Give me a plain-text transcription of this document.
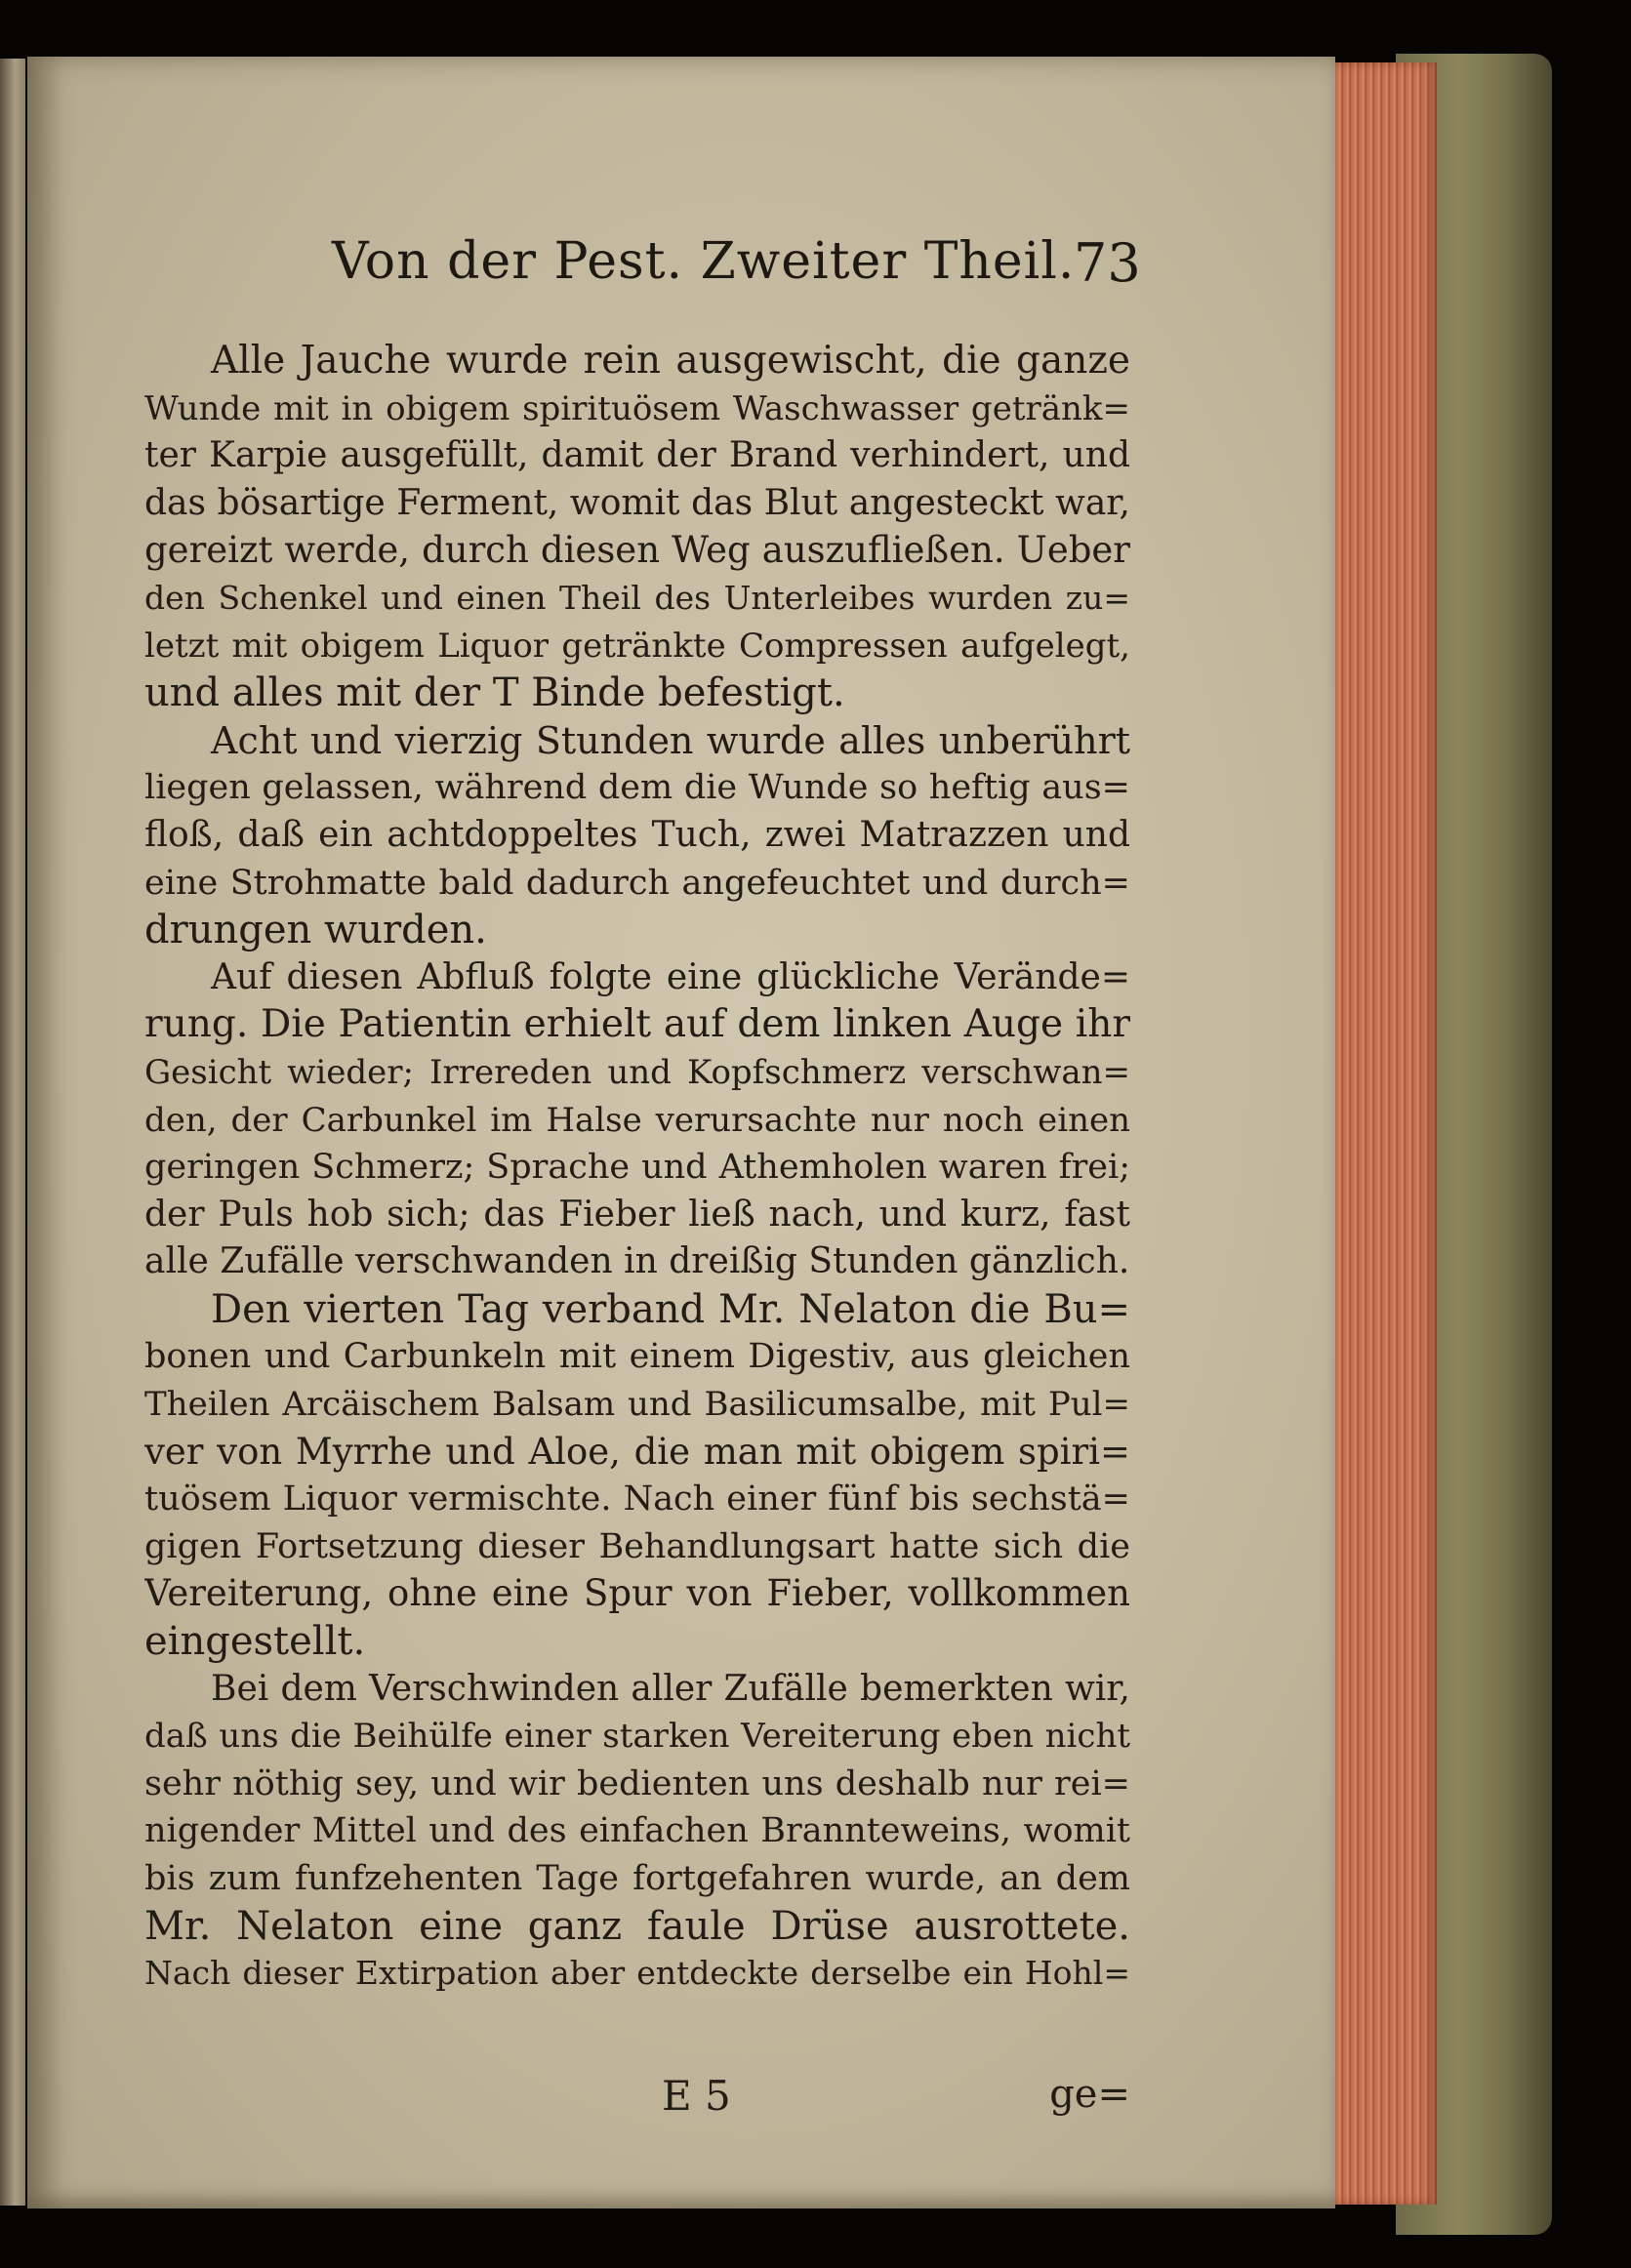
Von der Pest. Zweiter Theil.
73
Alle Jauche wurde rein ausgewischt, die ganze
Wunde mit in obigem spirituösem Waschwasser getränk=
ter Karpie ausgefüllt, damit der Brand verhindert, und
das bösartige Ferment, womit das Blut angesteckt war,
gereizt werde, durch diesen Weg auszufließen. Ueber
den Schenkel und einen Theil des Unterleibes wurden zu=
letzt mit obigem Liquor getränkte Compressen aufgelegt,
und alles mit der T Binde befestigt.
Acht und vierzig Stunden wurde alles unberührt
liegen gelassen, während dem die Wunde so heftig aus=
floß, daß ein achtdoppeltes Tuch, zwei Matrazzen und
eine Strohmatte bald dadurch angefeuchtet und durch=
drungen wurden.
Auf diesen Abfluß folgte eine glückliche Verände=
rung. Die Patientin erhielt auf dem linken Auge ihr
Gesicht wieder; Irrereden und Kopfschmerz verschwan=
den, der Carbunkel im Halse verursachte nur noch einen
geringen Schmerz; Sprache und Athemholen waren frei;
der Puls hob sich; das Fieber ließ nach, und kurz, fast
alle Zufälle verschwanden in dreißig Stunden gänzlich.
Den vierten Tag verband Mr. Nelaton die Bu=
bonen und Carbunkeln mit einem Digestiv, aus gleichen
Theilen Arcäischem Balsam und Basilicumsalbe, mit Pul=
ver von Myrrhe und Aloe, die man mit obigem spiri=
tuösem Liquor vermischte. Nach einer fünf bis sechstä=
gigen Fortsetzung dieser Behandlungsart hatte sich die
Vereiterung, ohne eine Spur von Fieber, vollkommen
eingestellt.
Bei dem Verschwinden aller Zufälle bemerkten wir,
daß uns die Beihülfe einer starken Vereiterung eben nicht
sehr nöthig sey, und wir bedienten uns deshalb nur rei=
nigender Mittel und des einfachen Brannteweins, womit
bis zum funfzehenten Tage fortgefahren wurde, an dem
Mr. Nelaton eine ganz faule Drüse ausrottete.
Nach dieser Extirpation aber entdeckte derselbe ein Hohl=
E 5	ge=
